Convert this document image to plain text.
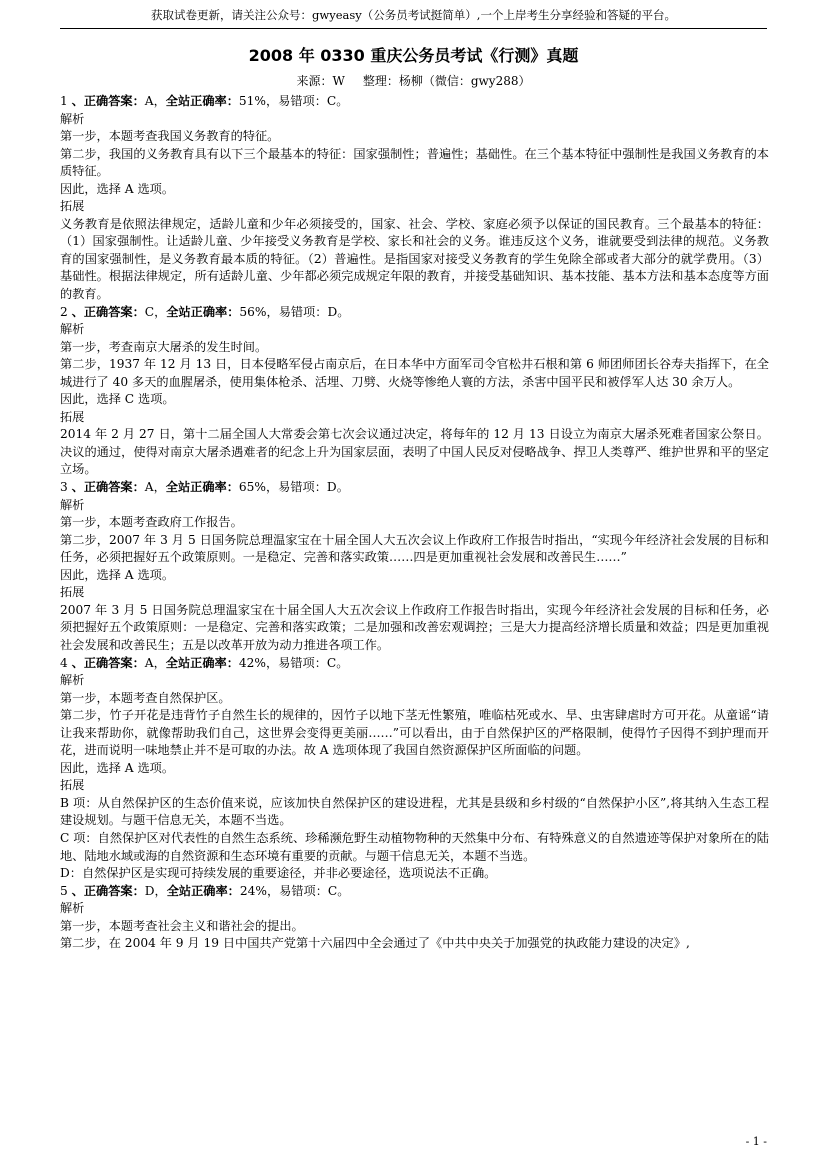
获取试卷更新，请关注公众号：gwyeasy（公务员考试挺简单）,一个上岸考生分享经验和答疑的平台。
2008 年 0330 重庆公务员考试《行测》真题
来源：W 整理：杨柳（微信：gwy288）

1 、正确答案：A，全站正确率：51%，易错项：C。

解析

第一步，本题考查我国义务教育的特征。

第二步，我国的义务教育具有以下三个最基本的特征：国家强制性；普遍性；基础性。在三个基本特征中强制性是我国义务教育的本质特征。

因此，选择 A 选项。

拓展

义务教育是依照法律规定，适龄儿童和少年必须接受的，国家、社会、学校、家庭必须予以保证的国民教育。三个最基本的特征：（1）国家强制性。让适龄儿童、少年接受义务教育是学校、家长和社会的义务。谁违反这个义务，谁就要受到法律的规范。义务教育的国家强制性，是义务教育最本质的特征。（2）普遍性。是指国家对接受义务教育的学生免除全部或者大部分的就学费用。（3）基础性。根据法律规定，所有适龄儿童、少年都必须完成规定年限的教育，并接受基础知识、基本技能、基本方法和基本态度等方面的教育。

2 、正确答案：C，全站正确率：56%，易错项：D。

解析

第一步，考查南京大屠杀的发生时间。

第二步，1937 年 12 月 13 日，日本侵略军侵占南京后，在日本华中方面军司令官松井石根和第 6 师团师团长谷寿夫指挥下，在全城进行了 40 多天的血腥屠杀，使用集体枪杀、活埋、刀劈、火烧等惨绝人寰的方法，杀害中国平民和被俘军人达 30 余万人。

因此，选择 C 选项。

拓展

2014 年 2 月 27 日，第十二届全国人大常委会第七次会议通过决定，将每年的 12 月 13 日设立为南京大屠杀死难者国家公祭日。决议的通过，使得对南京大屠杀遇难者的纪念上升为国家层面，表明了中国人民反对侵略战争、捍卫人类尊严、维护世界和平的坚定立场。

3 、正确答案：A，全站正确率：65%，易错项：D。

解析

第一步，本题考查政府工作报告。

第二步，2007 年 3 月 5 日国务院总理温家宝在十届全国人大五次会议上作政府工作报告时指出，“实现今年经济社会发展的目标和任务，必须把握好五个政策原则。一是稳定、完善和落实政策……四是更加重视社会发展和改善民生……”

因此，选择 A 选项。

拓展

2007 年 3 月 5 日国务院总理温家宝在十届全国人大五次会议上作政府工作报告时指出，实现今年经济社会发展的目标和任务，必须把握好五个政策原则：一是稳定、完善和落实政策；二是加强和改善宏观调控；三是大力提高经济增长质量和效益；四是更加重视社会发展和改善民生；五是以改革开放为动力推进各项工作。

4 、正确答案：A，全站正确率：42%，易错项：C。

解析

第一步，本题考查自然保护区。

第二步，竹子开花是违背竹子自然生长的规律的，因竹子以地下茎无性繁殖，唯临枯死或水、旱、虫害肆虐时方可开花。从童谣“请让我来帮助你，就像帮助我们自己，这世界会变得更美丽……”可以看出，由于自然保护区的严格限制，使得竹子因得不到护理而开花，进而说明一味地禁止并不是可取的办法。故 A 选项体现了我国自然资源保护区所面临的问题。

因此，选择 A 选项。

拓展

B 项：从自然保护区的生态价值来说，应该加快自然保护区的建设进程，尤其是县级和乡村级的“自然保护小区”,将其纳入生态工程建设规划。与题干信息无关，本题不当选。

C 项：自然保护区对代表性的自然生态系统、珍稀濒危野生动植物物种的天然集中分布、有特殊意义的自然遗迹等保护对象所在的陆地、陆地水域或海的自然资源和生态环境有重要的贡献。与题干信息无关，本题不当选。

D：自然保护区是实现可持续发展的重要途径，并非必要途径，选项说法不正确。

5 、正确答案：D，全站正确率：24%，易错项：C。

解析

第一步，本题考查社会主义和谐社会的提出。

第二步，在 2004 年 9 月 19 日中国共产党第十六届四中全会通过了《中共中央关于加强党的执政能力建设的决定》,

- 1 -
